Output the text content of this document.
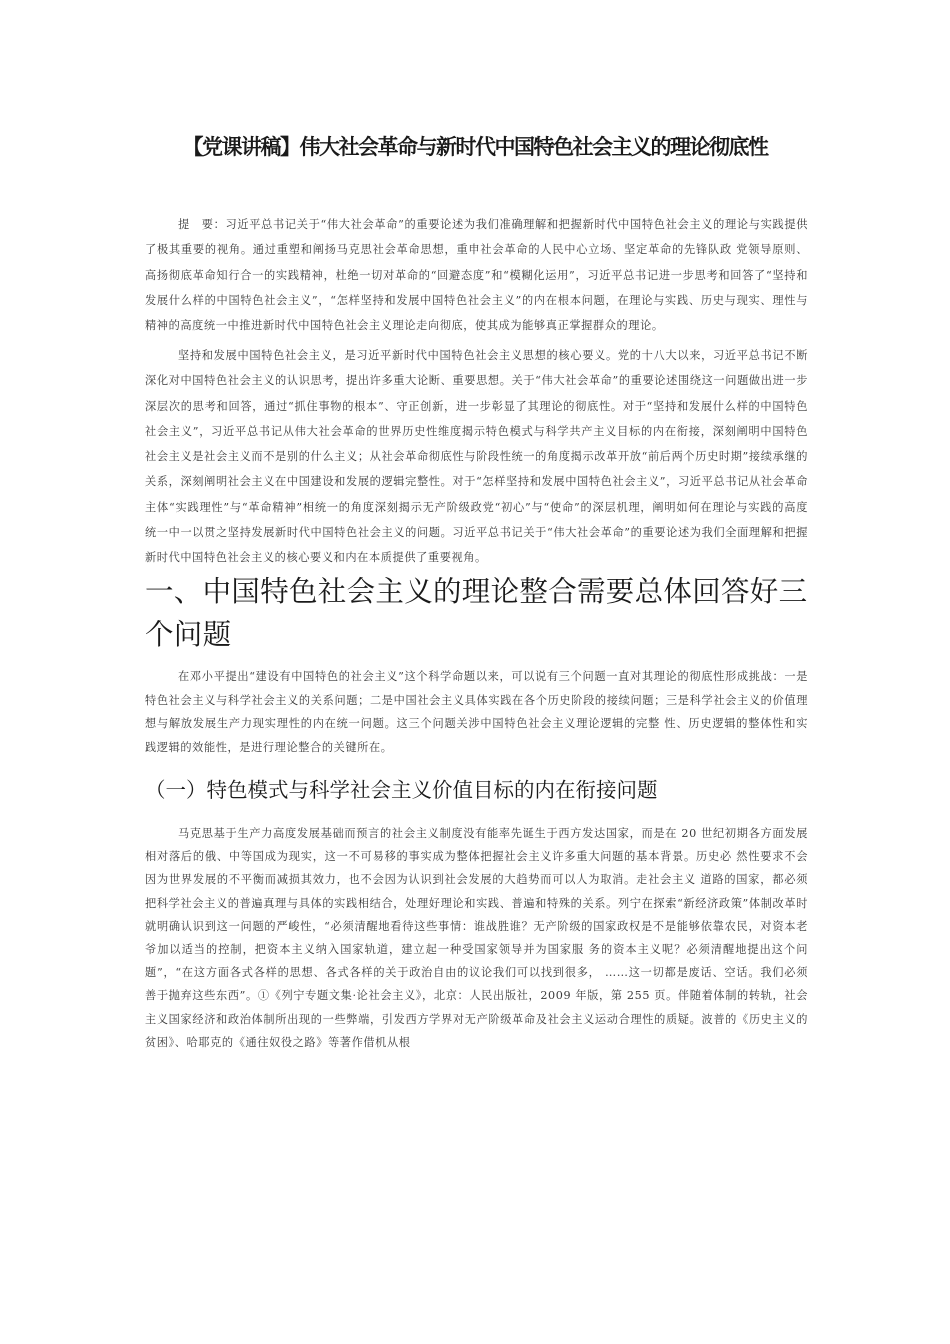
【党课讲稿】伟大社会革命与新时代中国特色社会主义的理论彻底性

提　要：习近平总书记关于“伟大社会革命”的重要论述为我们准确理解和把握新时代中国特色社会主义的理论与实践提供了极其重要的视角。通过重塑和阐扬马克思社会革命思想，重申社会革命的人民中心立场、坚定革命的先锋队政 党领导原则、高扬彻底革命知行合一的实践精神，杜绝一切对革命的“回避态度”和“模糊化运用”，习近平总书记进一步思考和回答了“坚持和发展什么样的中国特色社会主义”，“怎样坚持和发展中国特色社会主义”的内在根本问题，在理论与实践、历史与现实、理性与精神的高度统一中推进新时代中国特色社会主义理论走向彻底，使其成为能够真正掌握群众的理论。

坚持和发展中国特色社会主义，是习近平新时代中国特色社会主义思想的核心要义。党的十八大以来，习近平总书记不断深化对中国特色社会主义的认识思考，提出许多重大论断、重要思想。关于“伟大社会革命”的重要论述围绕这一问题做出进一步深层次的思考和回答，通过“抓住事物的根本”、守正创新，进一步彰显了其理论的彻底性。对于“坚持和发展什么样的中国特色社会主义”，习近平总书记从伟大社会革命的世界历史性维度揭示特色模式与科学共产主义目标的内在衔接，深刻阐明中国特色社会主义是社会主义而不是别的什么主义；从社会革命彻底性与阶段性统一的角度揭示改革开放“前后两个历史时期”接续承继的关系，深刻阐明社会主义在中国建设和发展的逻辑完整性。对于“怎样坚持和发展中国特色社会主义”，习近平总书记从社会革命主体“实践理性”与“革命精神”相统一的角度深刻揭示无产阶级政党“初心”与“使命”的深层机理，阐明如何在理论与实践的高度统一中一以贯之坚持发展新时代中国特色社会主义的问题。习近平总书记关于“伟大社会革命”的重要论述为我们全面理解和把握新时代中国特色社会主义的核心要义和内在本质提供了重要视角。

一、中国特色社会主义的理论整合需要总体回答好三个问题

在邓小平提出“建设有中国特色的社会主义”这个科学命题以来，可以说有三个问题一直对其理论的彻底性形成挑战：一是特色社会主义与科学社会主义的关系问题；二是中国社会主义具体实践在各个历史阶段的接续问题；三是科学社会主义的价值理想与解放发展生产力现实理性的内在统一问题。这三个问题关涉中国特色社会主义理论逻辑的完整 性、历史逻辑的整体性和实践逻辑的效能性，是进行理论整合的关键所在。

（一）特色模式与科学社会主义价值目标的内在衔接问题

马克思基于生产力高度发展基础而预言的社会主义制度没有能率先诞生于西方发达国家，而是在 20 世纪初期各方面发展相对落后的俄、中等国成为现实，这一不可易移的事实成为整体把握社会主义许多重大问题的基本背景。历史必 然性要求不会因为世界发展的不平衡而减损其效力，也不会因为认识到社会发展的大趋势而可以人为取消。走社会主义 道路的国家，都必须把科学社会主义的普遍真理与具体的实践相结合，处理好理论和实践、普遍和特殊的关系。列宁在探索“新经济政策”体制改革时就明确认识到这一问题的严峻性，“必须清醒地看待这些事情：谁战胜谁？无产阶级的国家政权是不是能够依靠农民，对资本老爷加以适当的控制，把资本主义纳入国家轨道，建立起一种受国家领导并为国家服 务的资本主义呢？必须清醒地提出这个问题”，“在这方面各式各样的思想、各式各样的关于政治自由的议论我们可以找到很多， ……这一切都是废话、空话。我们必须善于抛弃这些东西”。①《列宁专题文集·论社会主义》，北京：人民出版社，2009 年版，第 255 页。伴随着体制的转轨，社会主义国家经济和政治体制所出现的一些弊端，引发西方学界对无产阶级革命及社会主义运动合理性的质疑。波普的《历史主义的贫困》、哈耶克的《通往奴役之路》等著作借机从根
